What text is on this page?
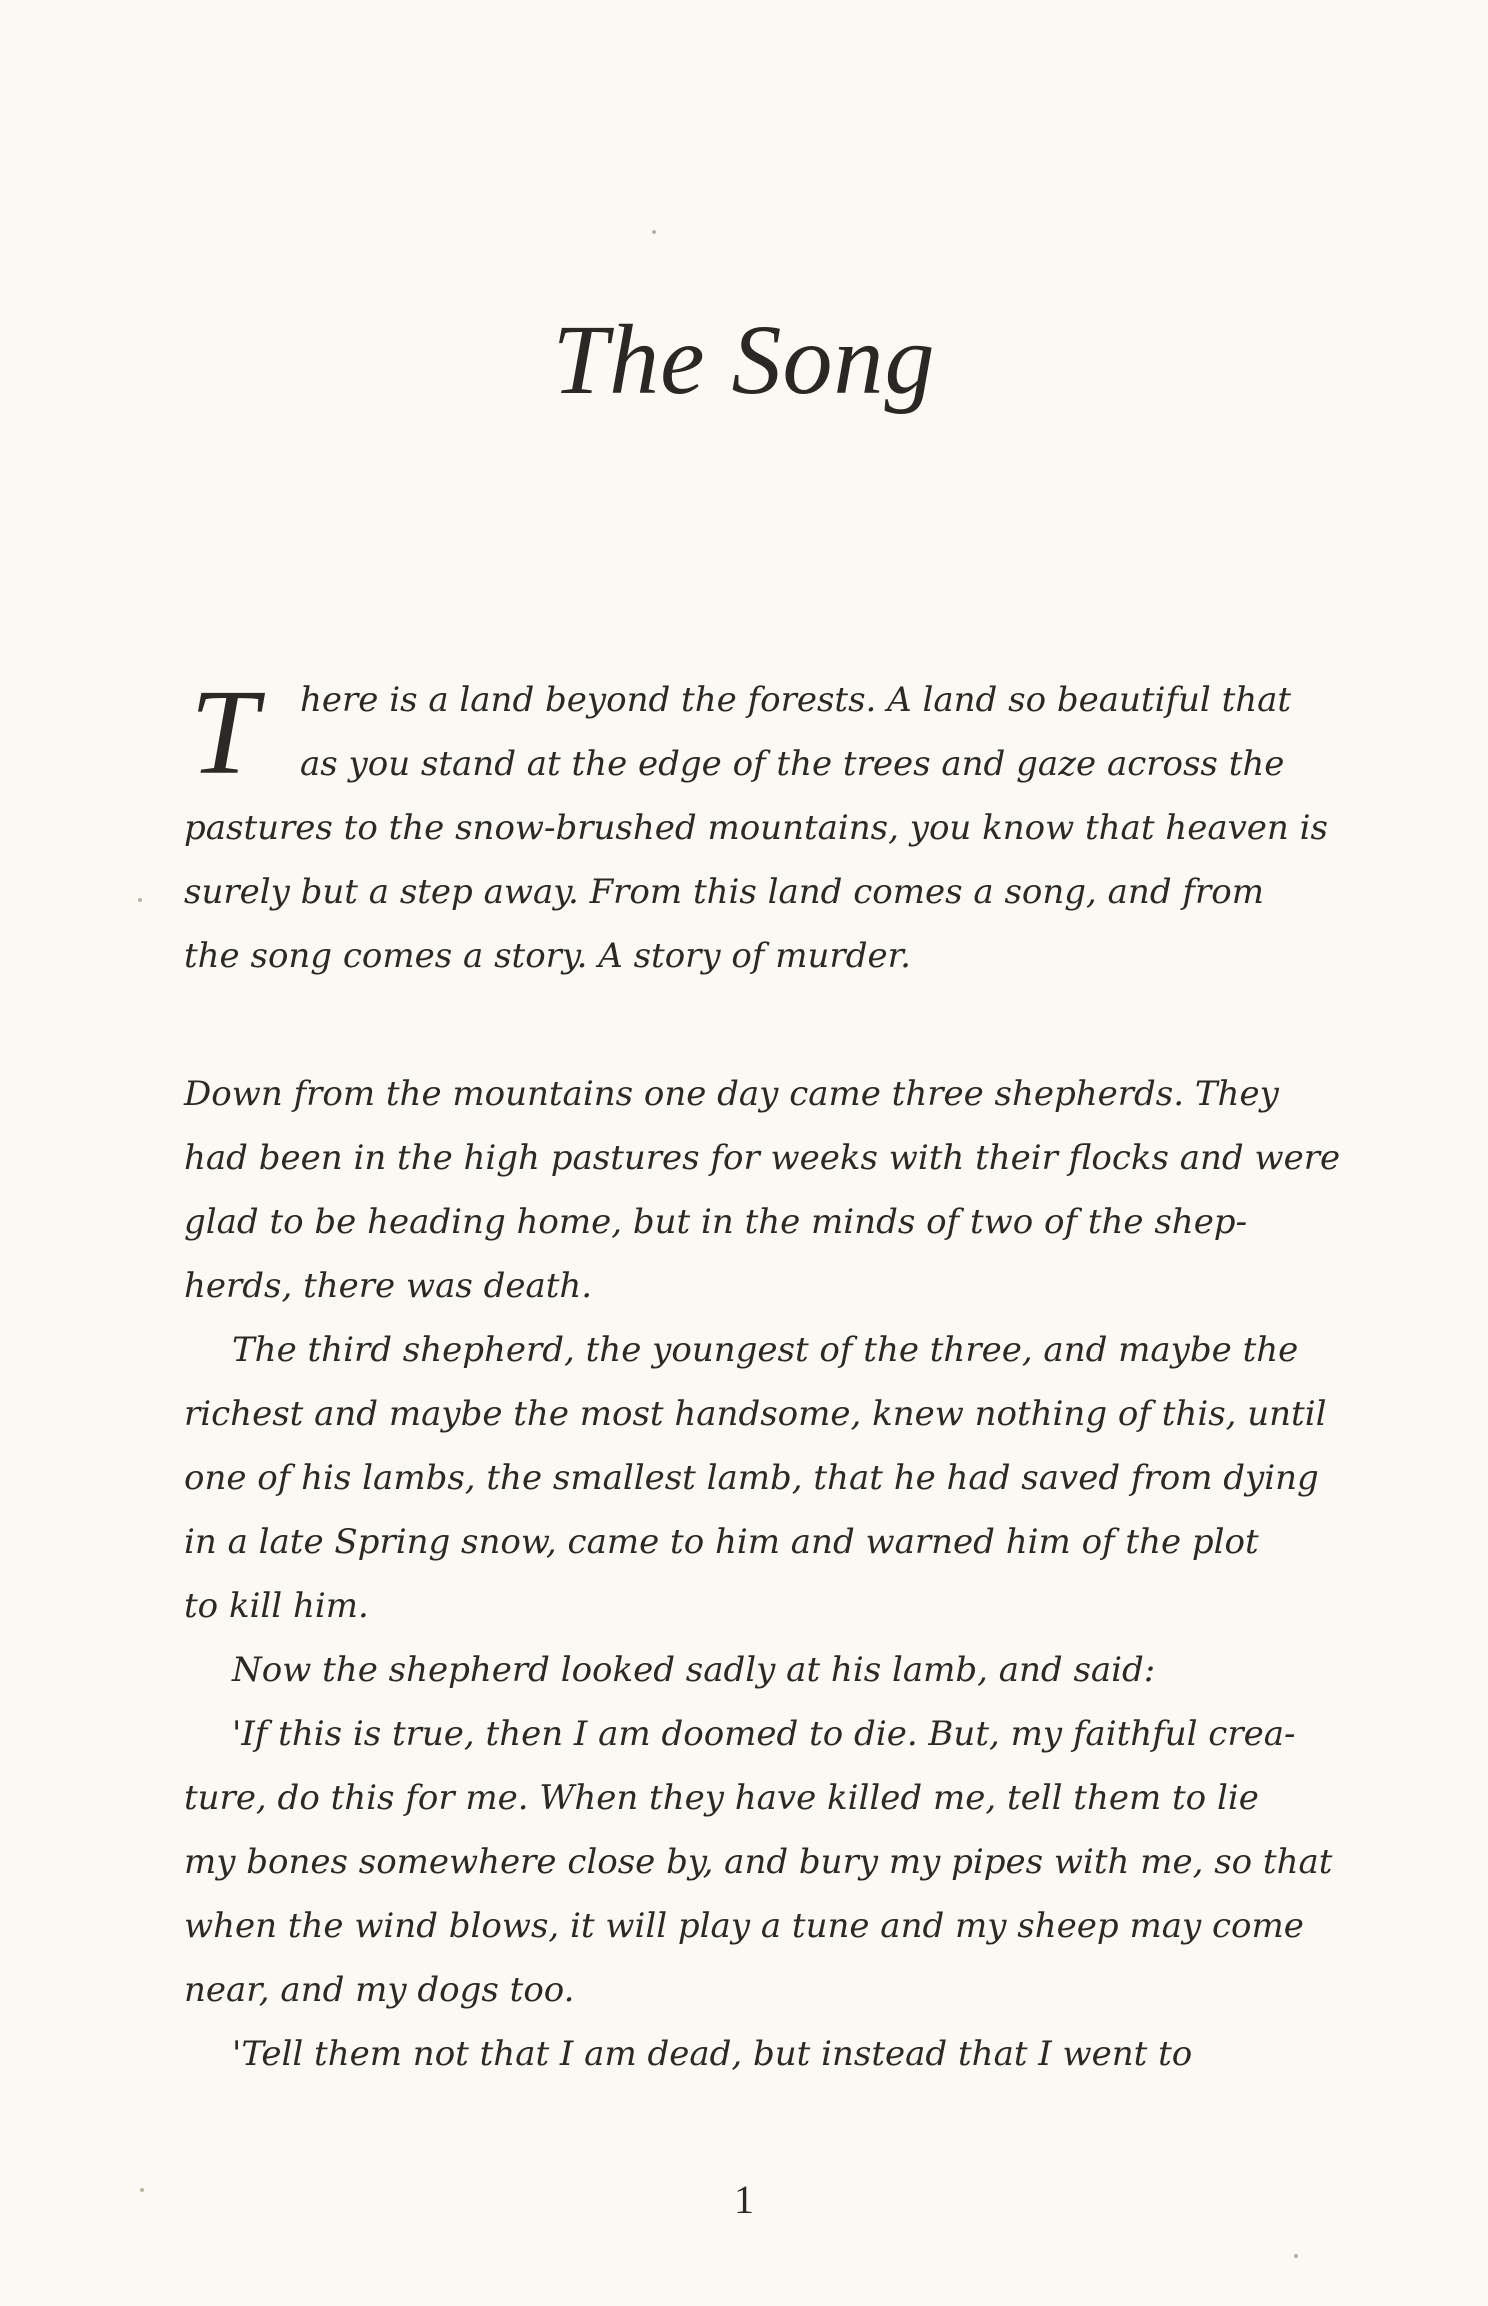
The Song
T here is a land beyond the forests. A land so beautiful that
as you stand at the edge of the trees and gaze across the
pastures to the snow-brushed mountains, you know that heaven is
surely but a step away. From this land comes a song, and from
the song comes a story. A story of murder.
Down from the mountains one day came three shepherds. They
had been in the high pastures for weeks with their flocks and were
glad to be heading home, but in the minds of two of the shep-
herds, there was death.
The third shepherd, the youngest of the three, and maybe the
richest and maybe the most handsome, knew nothing of this, until
one of his lambs, the smallest lamb, that he had saved from dying
in a late Spring snow, came to him and warned him of the plot
to kill him.
Now the shepherd looked sadly at his lamb, and said:
'If this is true, then I am doomed to die. But, my faithful crea-
ture, do this for me. When they have killed me, tell them to lie
my bones somewhere close by, and bury my pipes with me, so that
when the wind blows, it will play a tune and my sheep may come
near, and my dogs too.
'Tell them not that I am dead, but instead that I went to
1
